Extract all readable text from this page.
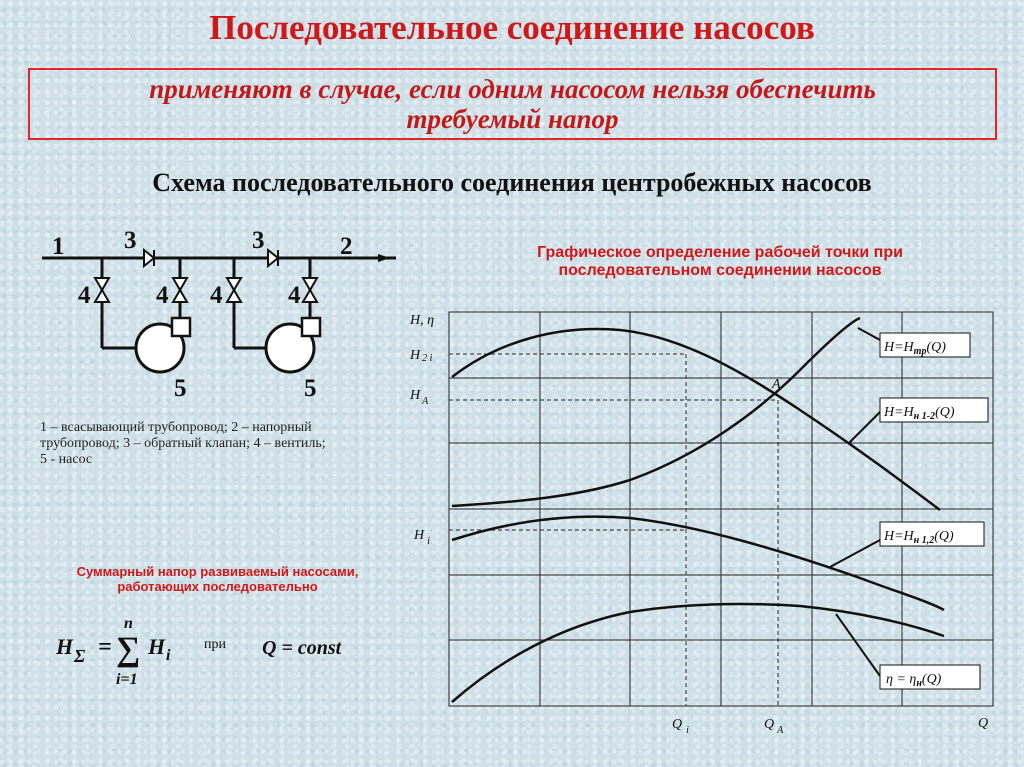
Последовательное соединение насосов
применяют в случае, если одним насосом нельзя обеспечить
требуемый напор
Схема последовательного соединения центробежных насосов
1 3	3	2
4	4 4	4
5	5
1 – всасывающий трубопровод; 2 – напорный
трубопровод; 3 – обратный клапан; 4 – вентиль;
5 - насос
Суммарный напор развиваемый насосами,
работающих последовательно
H Σ =
n
∑
i=1
H i	Q = const
при
Графическое определение рабочей точки при
последовательном соединении насосов
$H=H_{тр}(Q)$
$H=H_{н 1-2}(Q)$
$H=H_{н 1,2}(Q)$
$\eta = \eta_н(Q)$
H, η
H 2 i
H $_A$
H $_i$
Q $_i$	Q $_A$	Q
A
